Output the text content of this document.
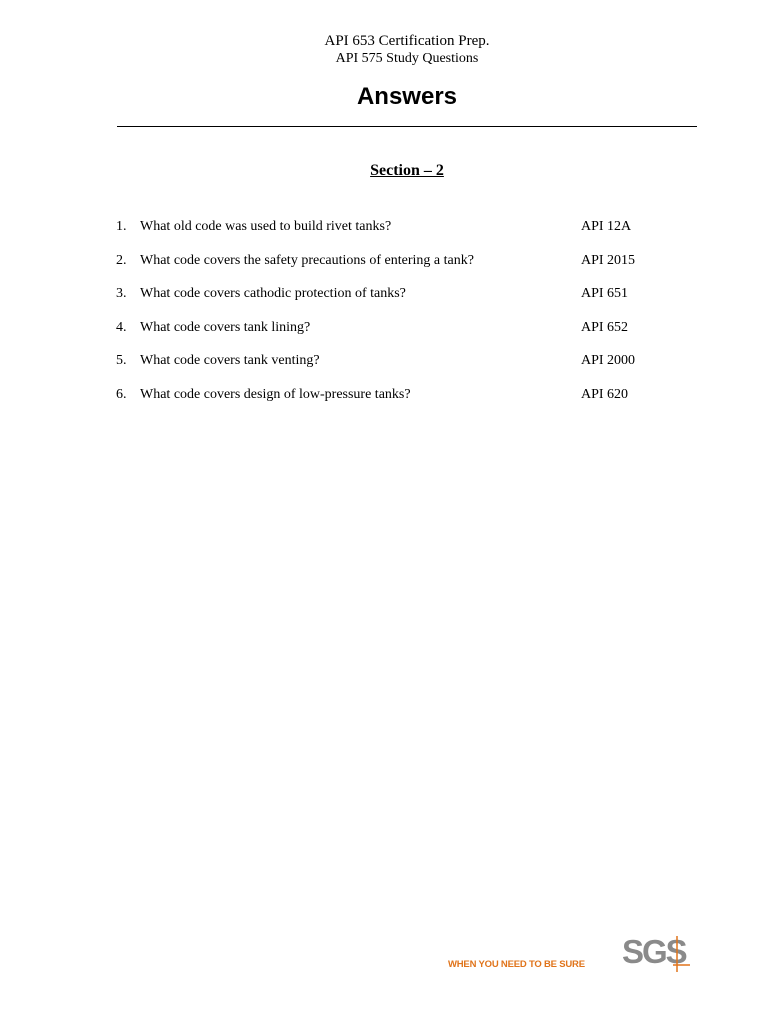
API 653 Certification Prep.
API 575 Study Questions
Answers
Section – 2
1. What old code was used to build rivet tanks?	API 12A
2. What code covers the safety precautions of entering a tank?	API 2015
3. What code covers cathodic protection of tanks?	API 651
4. What code covers tank lining?	API 652
5. What code covers tank venting?	API 2000
6. What code covers design of low-pressure tanks?	API 620
WHEN YOU NEED TO BE SURE SGS
